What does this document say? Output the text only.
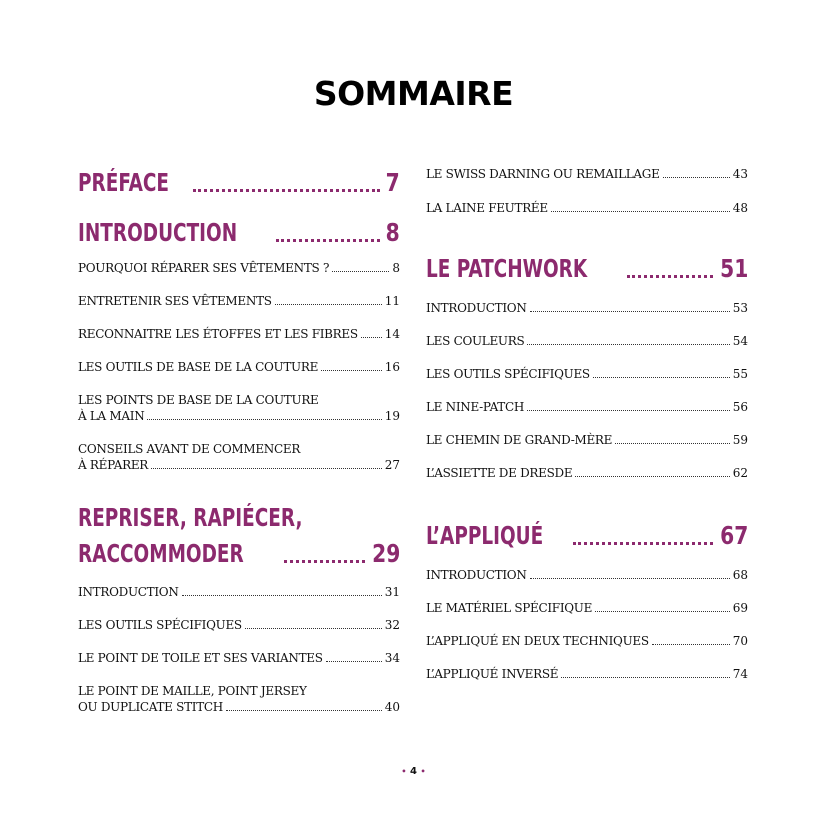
SOMMAIRE
PRÉFACE	7
INTRODUCTION	8
POURQUOI RÉPARER SES VÊTEMENTS ?	8
ENTRETENIR SES VÊTEMENTS	11
RECONNAITRE LES ÉTOFFES ET LES FIBRES 14
LES OUTILS DE BASE DE LA COUTURE	16
LES POINTS DE BASE DE LA COUTURE
À LA MAIN	19
CONSEILS AVANT DE COMMENCER
À RÉPARER	27
REPRISER, RAPIÉCER,
RACCOMMODER	29
INTRODUCTION	31
LES OUTILS SPÉCIFIQUES	32
LE POINT DE TOILE ET SES VARIANTES	34
LE POINT DE MAILLE, POINT JERSEY
OU DUPLICATE STITCH	40
LE SWISS DARNING OU REMAILLAGE	43
LA LAINE FEUTRÉE	48
LE PATCHWORK	51
INTRODUCTION	53
LES COULEURS	54
LES OUTILS SPÉCIFIQUES	55
LE NINE-PATCH	56
LE CHEMIN DE GRAND-MÈRE	59
L’ASSIETTE DE DRESDE	62
L’APPLIQUÉ	67
INTRODUCTION	68
LE MATÉRIEL SPÉCIFIQUE	69
L’APPLIQUÉ EN DEUX TECHNIQUES	70
L’APPLIQUÉ INVERSÉ	74
• 4 •
